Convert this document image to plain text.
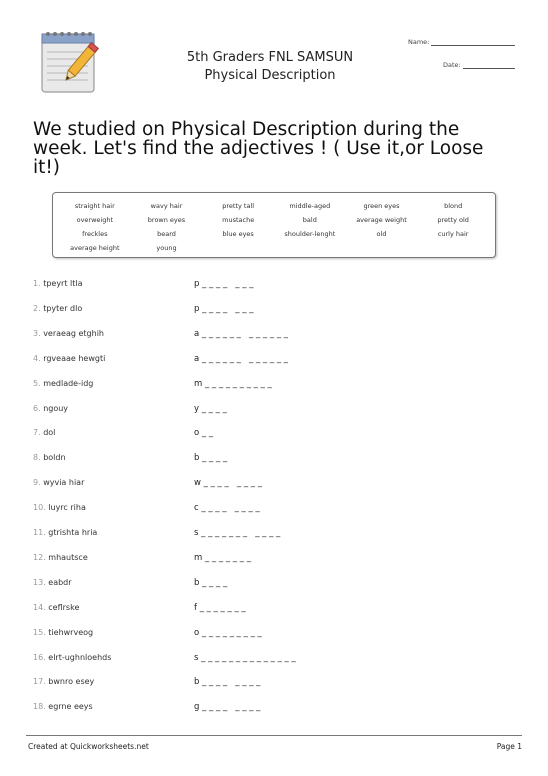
5th Graders FNL SAMSUN
Physical Description
Name:
Date:
We studied on Physical Description during the week. Let's find the adjectives ! ( Use it,or Loose it!)
straight hair	wavy hair	pretty tall	middle-aged	green eyes	blond
overweight	brown eyes	mustache	bald	average weight	pretty old
freckles	beard	blue eyes	shoulder-lenght	old	curly hair
average height	young
1. tpeyrt ltla	p _ _ _ _   _ _ _
2. tpyter dlo	p _ _ _ _   _ _ _
3. veraeag etghih	a _ _ _ _ _ _   _ _ _ _ _ _
4. rgveaae hewgti	a _ _ _ _ _ _   _ _ _ _ _ _
5. medlade-idg	m _ _ _ _ _ _ _ _ _ _
6. ngouy	y _ _ _ _
7. dol	o _ _
8. boldn	b _ _ _ _
9. wyvia hiar	w _ _ _ _   _ _ _ _
10. luyrc riha	c _ _ _ _   _ _ _ _
11. gtrishta hria	s _ _ _ _ _ _ _   _ _ _ _
12. mhautsce	m _ _ _ _ _ _ _
13. eabdr	b _ _ _ _
14. ceflrske	f _ _ _ _ _ _ _
15. tiehwrveog	o _ _ _ _ _ _ _ _ _
16. elrt-ughnloehds	s _ _ _ _ _ _ _ _ _ _ _ _ _ _
17. bwnro esey	b _ _ _ _   _ _ _ _
18. egrne eeys	g _ _ _ _   _ _ _ _
Created at Quickworksheets.net	Page 1
